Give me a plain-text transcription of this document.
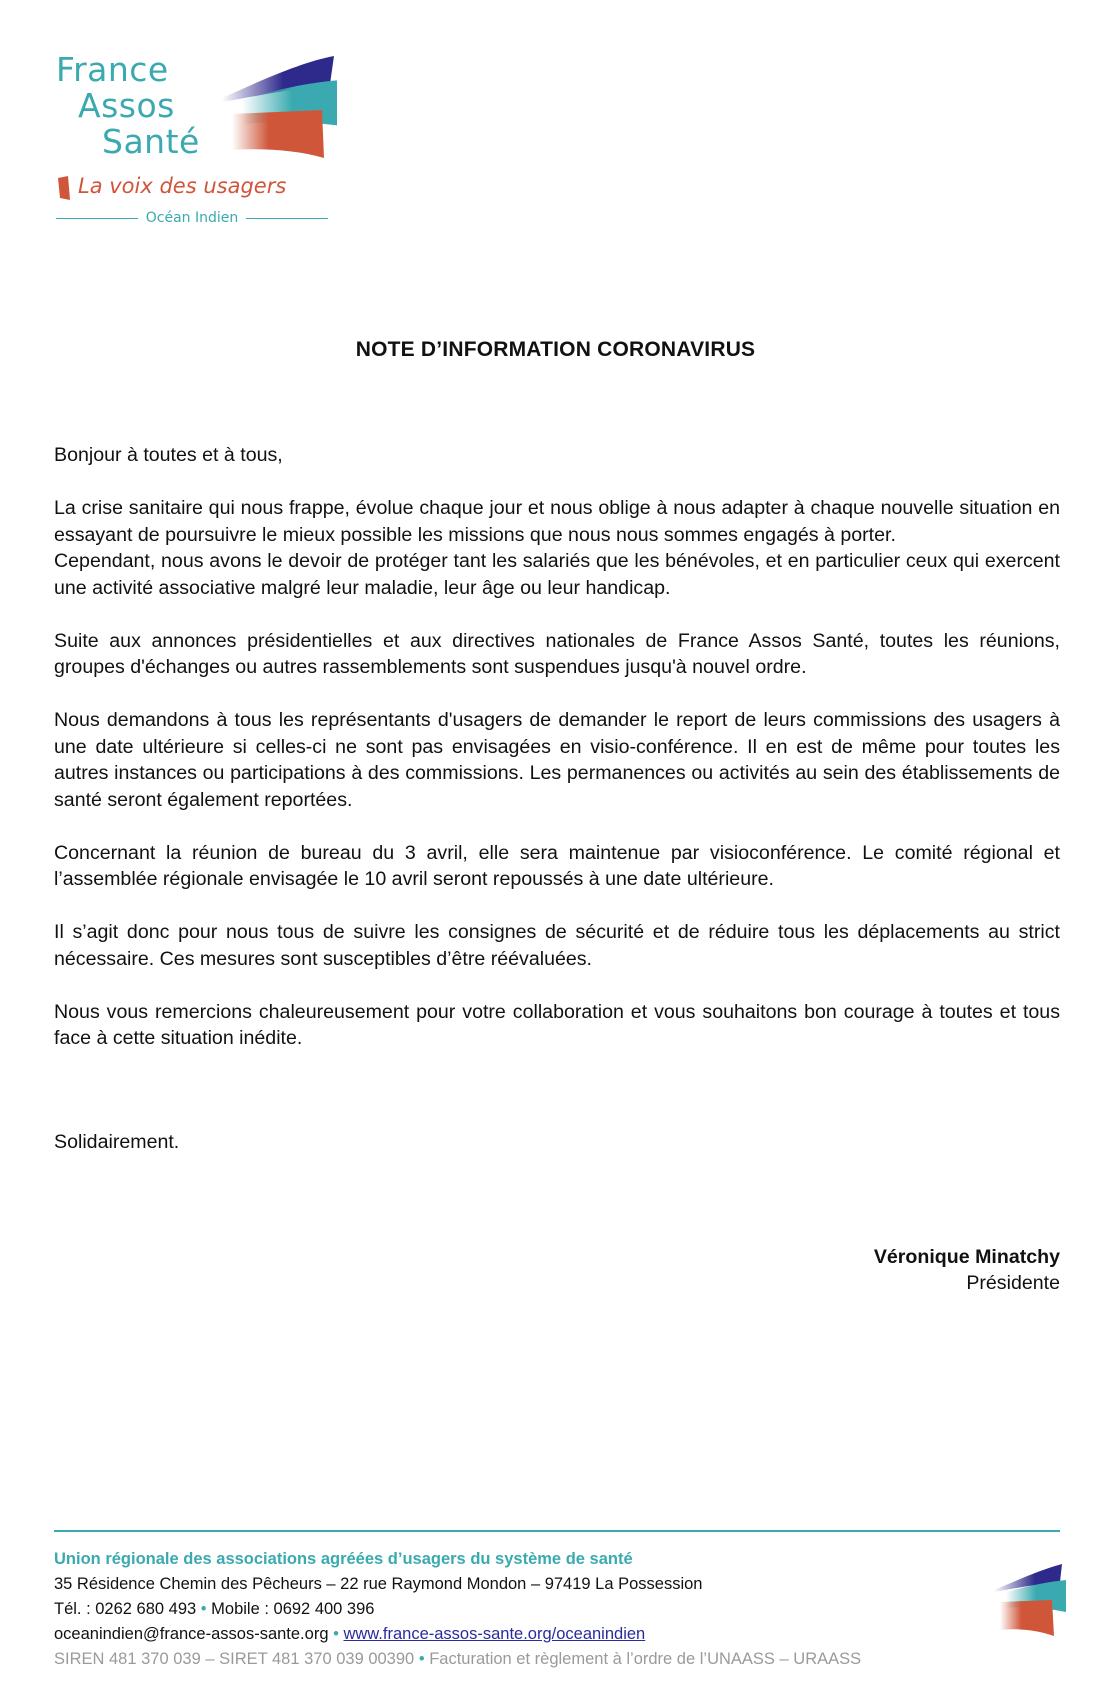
France
Assos
Santé
La voix des usagers
Océan Indien
NOTE D’INFORMATION CORONAVIRUS

Bonjour à toutes et à tous,

La crise sanitaire qui nous frappe, évolue chaque jour et nous oblige à nous adapter à chaque nouvelle situation en essayant de poursuivre le mieux possible les missions que nous nous sommes engagés à porter.

Cependant, nous avons le devoir de protéger tant les salariés que les bénévoles, et en particulier ceux qui exercent une activité associative malgré leur maladie, leur âge ou leur handicap.

Suite aux annonces présidentielles et aux directives nationales de France Assos Santé, toutes les réunions, groupes d'échanges ou autres rassemblements sont suspendues jusqu'à nouvel ordre.

Nous demandons à tous les représentants d'usagers de demander le report de leurs commissions des usagers à une date ultérieure si celles-ci ne sont pas envisagées en visio-conférence. Il en est de même pour toutes les autres instances ou participations à des commissions. Les permanences ou activités au sein des établissements de santé seront également reportées.

Concernant la réunion de bureau du 3 avril, elle sera maintenue par visioconférence. Le comité régional et l’assemblée régionale envisagée le 10 avril seront repoussés à une date ultérieure.

Il s’agit donc pour nous tous de suivre les consignes de sécurité et de réduire tous les déplacements au strict nécessaire. Ces mesures sont susceptibles d’être réévaluées.

Nous vous remercions chaleureusement pour votre collaboration et vous souhaitons bon courage à toutes et tous face à cette situation inédite.

Solidairement.
Véronique Minatchy
Présidente
Union régionale des associations agréées d’usagers du système de santé
35 Résidence Chemin des Pêcheurs – 22 rue Raymond Mondon – 97419 La Possession
Tél. : 0262 680 493 • Mobile : 0692 400 396
oceanindien@france-assos-sante.org • www.france-assos-sante.org/oceanindien
SIREN 481 370 039 – SIRET 481 370 039 00390 • Facturation et règlement à l’ordre de l’UNAASS – URAASS
